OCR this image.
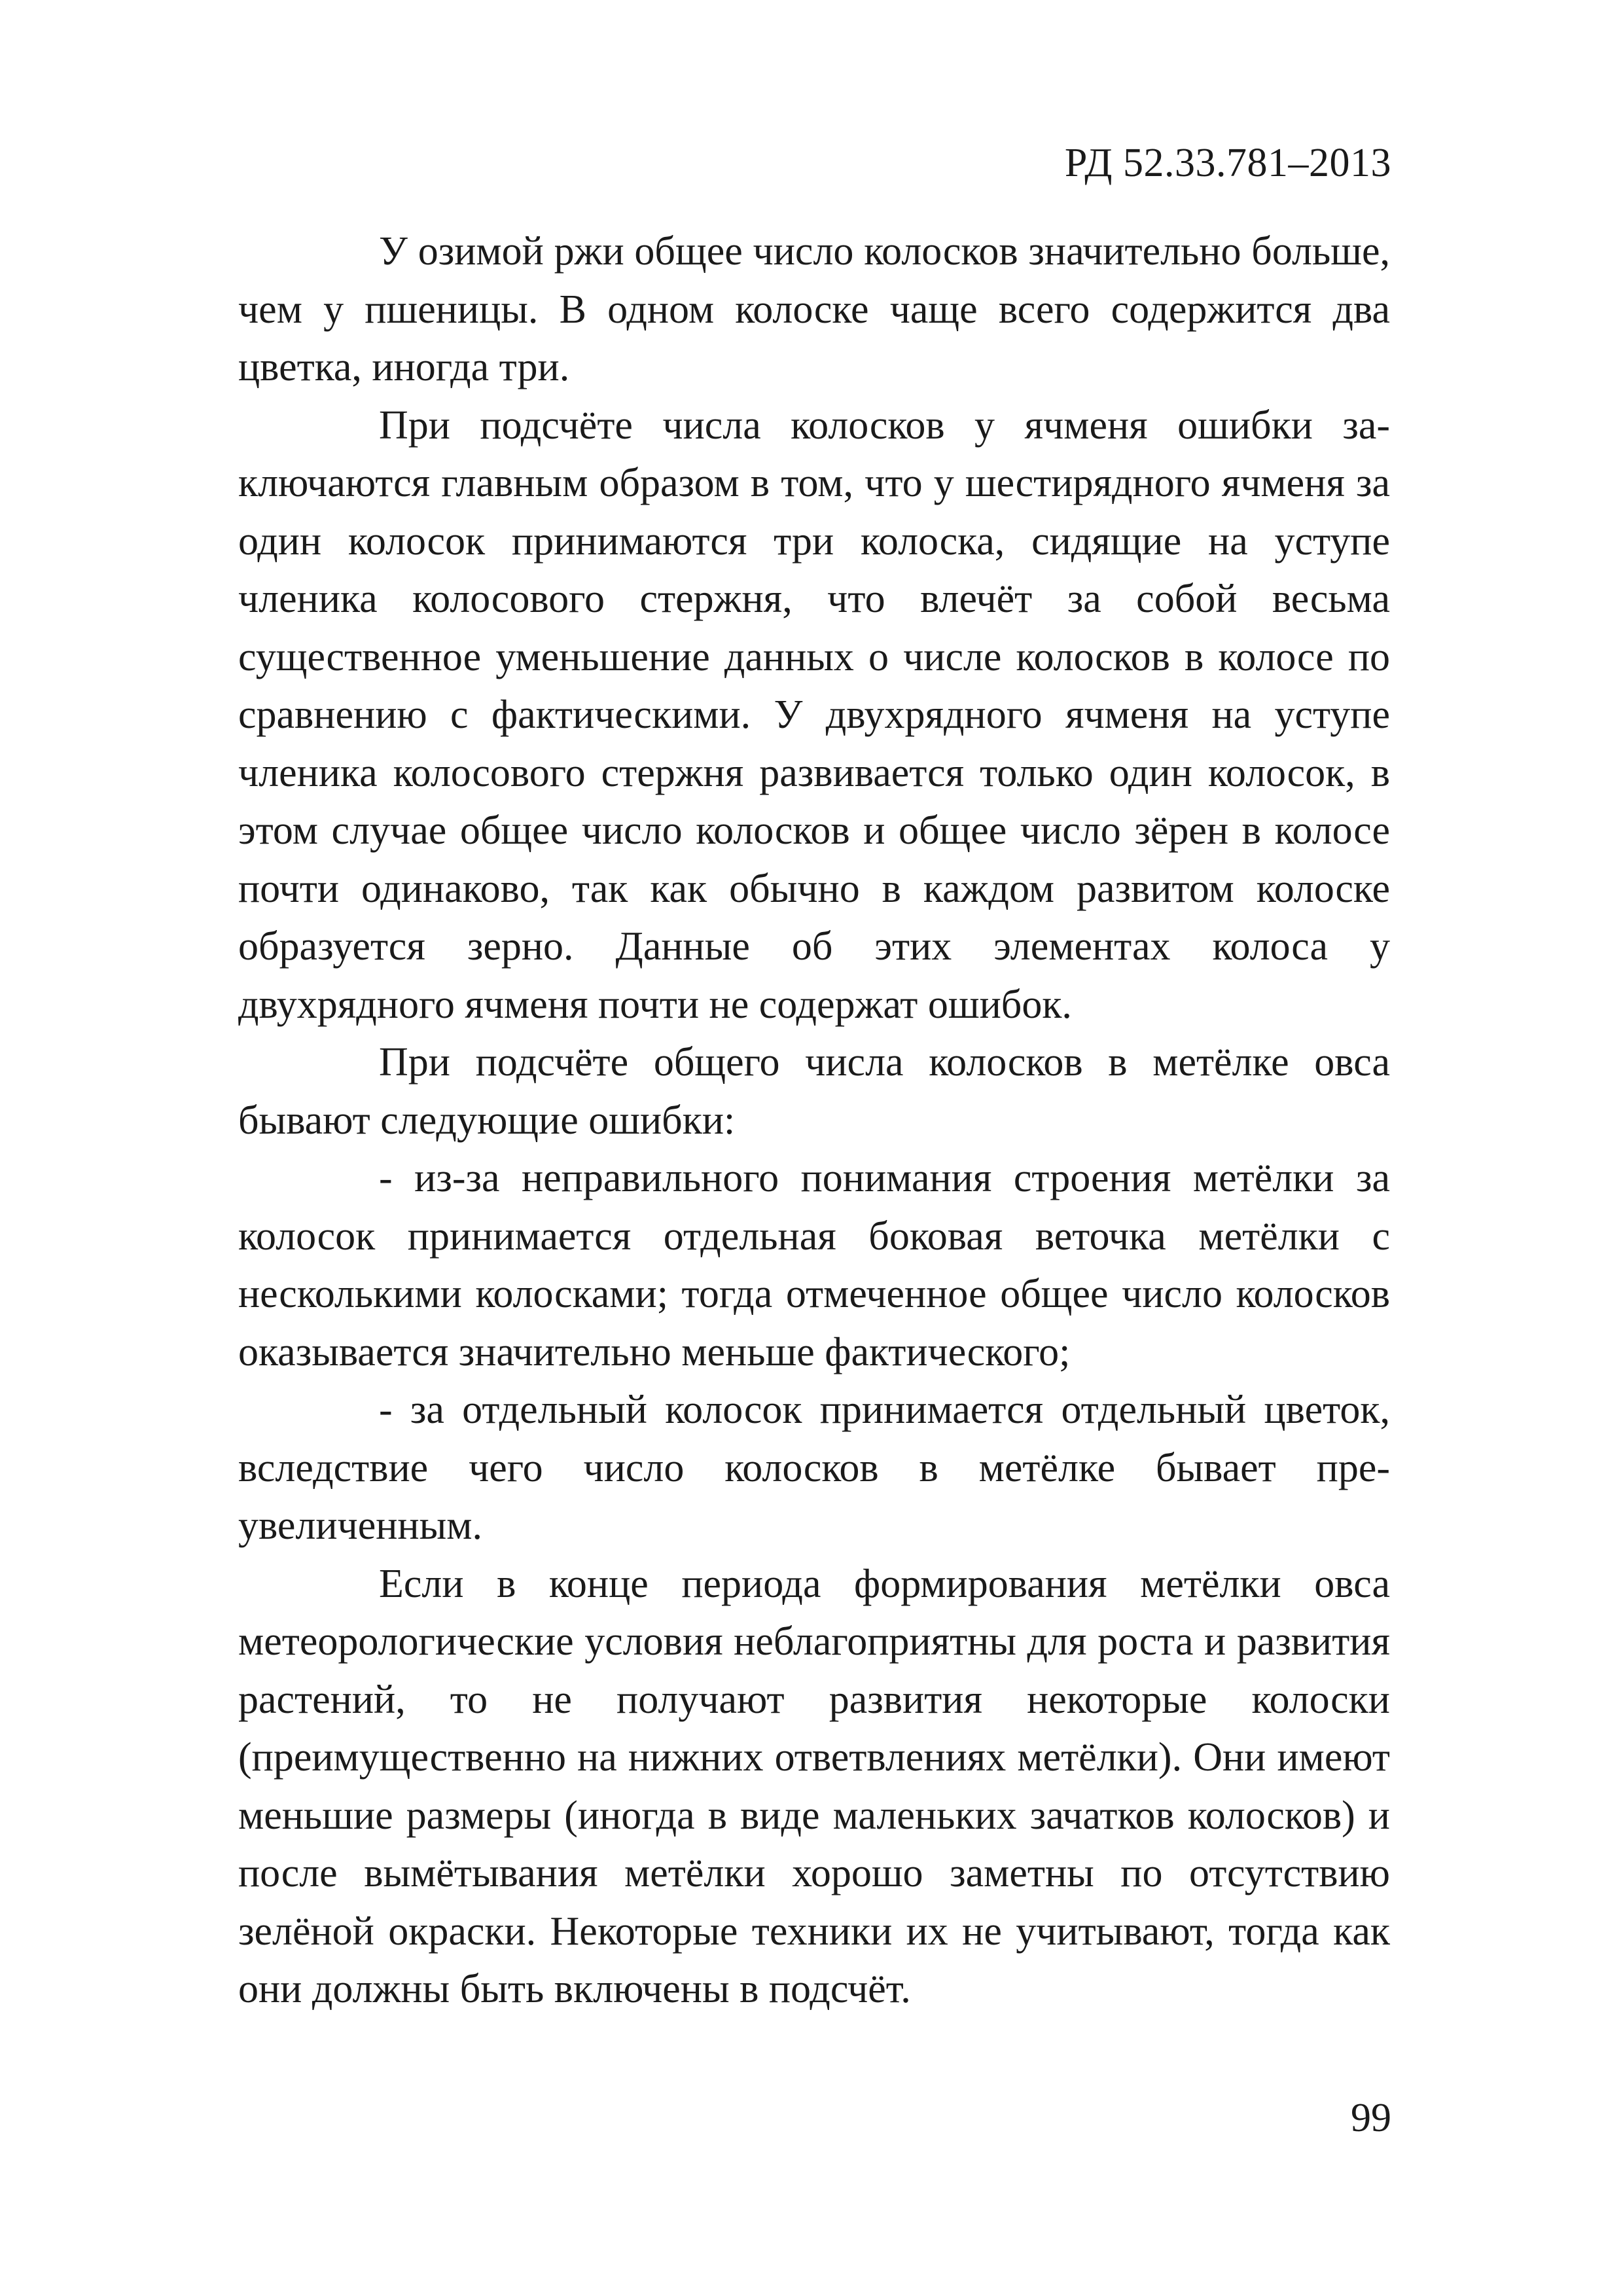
РД 52.33.781–2013

У озимой ржи общее число колосков значительно больше, чем у пшеницы. В одном колоске чаще всего содержится два цветка, иногда три.

При подсчёте числа колосков у ячменя ошибки заключаются главным образом в том, что у шестирядного ячменя за один колосок принимаются три колоска, сидящие на уступе членика колосового стержня, что влечёт за собой весьма существенное уменьшение данных о числе колосков в колосе по сравнению с фактическими. У двухрядного ячменя на уступе членика колосового стержня развивается только один колосок, в этом случае общее число колосков и общее число зёрен в колосе почти одинаково, так как обычно в каждом развитом колоске образуется зерно. Данные об этих элементах колоса у двухрядного ячменя почти не содержат ошибок.

При подсчёте общего числа колосков в метёлке овса бывают следующие ошибки:

- из-за неправильного понимания строения метёлки за колосок принимается отдельная боковая веточка метёлки с несколькими колосками; тогда отмеченное общее число колосков оказывается значительно меньше фактического;

- за отдельный колосок принимается отдельный цветок, вследствие чего число колосков в метёлке бывает преувеличенным.

Если в конце периода формирования метёлки овса метеорологические условия неблагоприятны для роста и развития растений, то не получают развития некоторые колоски (преимущественно на нижних ответвлениях метёлки). Они имеют меньшие размеры (иногда в виде маленьких зачатков колосков) и после вымётывания метёлки хорошо заметны по отсутствию зелёной окраски. Некоторые техники их не учитывают, тогда как они должны быть включены в подсчёт.

99
